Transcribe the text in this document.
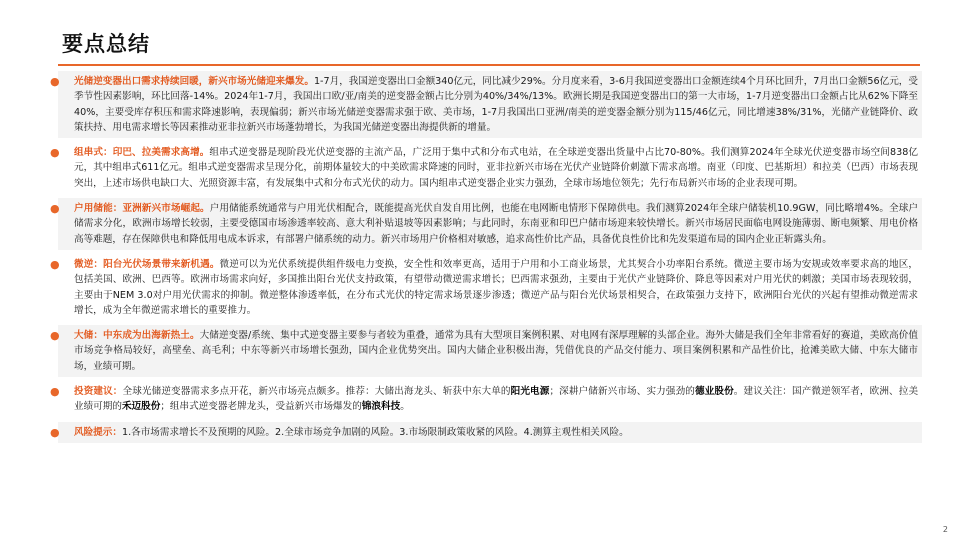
要点总结
● 光储逆变器出口需求持续回暖，新兴市场光储迎来爆发。1-7月，我国逆变器出口金额340亿元，同比减少29%。分月度来看，3-6月我国逆变器出口金额连续4个月环比回升，7月出口金额56亿元，受季节性因素影响，环比回落-14%。2024年1-7月，我国出口欧/亚/南美的逆变器金额占比分别为40%/34%/13%。欧洲长期是我国逆变器出口的第一大市场，1-7月逆变器出口金额占比从62%下降至40%，主要受库存积压和需求降速影响，表现偏弱；新兴市场光储逆变器需求强于欧、美市场，1-7月我国出口亚洲/南美的逆变器金额分别为115/46亿元，同比增速38%/31%，光储产业链降价、政策扶持、用电需求增长等因素推动亚非拉新兴市场蓬勃增长，为我国光储逆变器出海提供新的增量。
● 组串式：印巴、拉美需求高增。组串式逆变器是现阶段光伏逆变器的主流产品，广泛用于集中式和分布式电站，在全球逆变器出货量中占比70-80%。我们测算2024年全球光伏逆变器市场空间838亿元，其中组串式611亿元。组串式逆变器需求呈现分化，前期体量较大的中美欧需求降速的同时，亚非拉新兴市场在光伏产业链降价刺激下需求高增。南亚（印度、巴基斯坦）和拉美（巴西）市场表现突出，上述市场供电缺口大、光照资源丰富，有发展集中式和分布式光伏的动力。国内组串式逆变器企业实力强劲，全球市场地位领先；先行布局新兴市场的企业表现可期。
● 户用储能：亚洲新兴市场崛起。户用储能系统通常与户用光伏相配合，既能提高光伏自发自用比例，也能在电网断电情形下保障供电。我们测算2024年全球户储装机10.9GW，同比略增4%。全球户储需求分化，欧洲市场增长较弱，主要受德国市场渗透率较高、意大利补贴退坡等因素影响；与此同时，东南亚和印巴户储市场迎来较快增长。新兴市场居民面临电网设施薄弱、断电频繁、用电价格高等难题，存在保障供电和降低用电成本诉求，有部署户储系统的动力。新兴市场用户价格相对敏感，追求高性价比产品，具备优良性价比和先发渠道布局的国内企业正斩露头角。
● 微逆：阳台光伏场景带来新机遇。微逆可以为光伏系统提供组件级电力变换，安全性和效率更高，适用于户用和小工商业场景，尤其契合小功率阳台系统。微逆主要市场为安规或效率要求高的地区，包括美国、欧洲、巴西等。欧洲市场需求向好，多国推出阳台光伏支持政策，有望带动微逆需求增长；巴西需求强劲，主要由于光伏产业链降价、降息等因素对户用光伏的刺激；美国市场表现较弱，主要由于NEM 3.0对户用光伏需求的抑制。微逆整体渗透率低，在分布式光伏的特定需求场景逐步渗透；微逆产品与阳台光伏场景相契合，在政策强力支持下，欧洲阳台光伏的兴起有望推动微逆需求增长，成为全年微逆需求增长的重要推力。
● 大储：中东成为出海新热土。大储逆变器/系统、集中式逆变器主要参与者较为重叠，通常为具有大型项目案例积累、对电网有深厚理解的头部企业。海外大储是我们全年非常看好的赛道，美欧高价值市场竞争格局较好，高壁垒、高毛利；中东等新兴市场增长强劲，国内企业优势突出。国内大储企业积极出海，凭借优良的产品交付能力、项目案例积累和产品性价比，抢滩美欧大储、中东大储市场，业绩可期。
● 投资建议：全球光储逆变器需求多点开花，新兴市场亮点颇多。推荐：大储出海龙头、斩获中东大单的阳光电源；深耕户储新兴市场、实力强劲的德业股份。建议关注：国产微逆领军者，欧洲、拉美业绩可期的禾迈股份；组串式逆变器老牌龙头，受益新兴市场爆发的锦浪科技。
● 风险提示：1.各市场需求增长不及预期的风险。2.全球市场竞争加剧的风险。3.市场限制政策收紧的风险。4.测算主观性相关风险。
2
